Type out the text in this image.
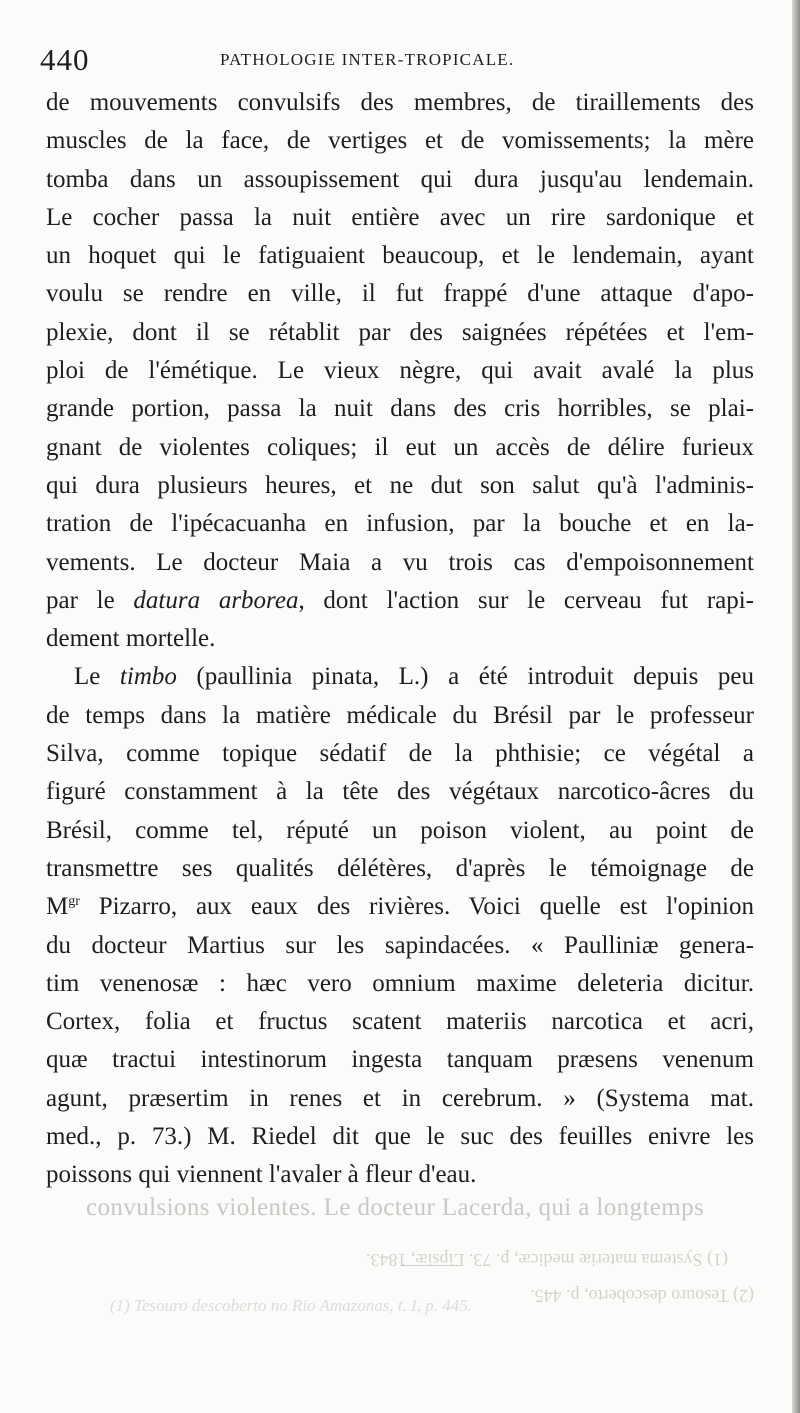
440	PATHOLOGIE INTER-TROPICALE.
de mouvements convulsifs des membres, de tiraillements des
muscles de la face, de vertiges et de vomissements; la mère
tomba dans un assoupissement qui dura jusqu'au lendemain.
Le cocher passa la nuit entière avec un rire sardonique et
un hoquet qui le fatiguaient beaucoup, et le lendemain, ayant
voulu se rendre en ville, il fut frappé d'une attaque d'apo-
plexie, dont il se rétablit par des saignées répétées et l'em-
ploi de l'émétique. Le vieux nègre, qui avait avalé la plus
grande portion, passa la nuit dans des cris horribles, se plai-
gnant de violentes coliques; il eut un accès de délire furieux
qui dura plusieurs heures, et ne dut son salut qu'à l'adminis-
tration de l'ipécacuanha en infusion, par la bouche et en la-
vements. Le docteur Maia a vu trois cas d'empoisonnement
par le datura arborea, dont l'action sur le cerveau fut rapi-
dement mortelle.
Le timbo (paullinia pinata, L.) a été introduit depuis peu
de temps dans la matière médicale du Brésil par le professeur
Silva, comme topique sédatif de la phthisie; ce végétal a
figuré constamment à la tête des végétaux narcotico-âcres du
Brésil, comme tel, réputé un poison violent, au point de
transmettre ses qualités délétères, d'après le témoignage de
$M^{gr}$ Pizarro, aux eaux des rivières. Voici quelle est l'opinion
du docteur Martius sur les sapindacées. « Paulliniæ genera-
tim venenosæ : hæc vero omnium maxime deleteria dicitur.
Cortex, folia et fructus scatent materiis narcotica et acri,
quæ tractui intestinorum ingesta tanquam præsens venenum
agunt, præsertim in renes et in cerebrum. » (Systema mat.
med., p. 73.) M. Riedel dit que le suc des feuilles enivre les
poissons qui viennent l'avaler à fleur d'eau.
convulsions violentes. Le docteur Lacerda, qui a longtemps
(1) Systema materiæ medicæ, p. 73. Lipsiæ, 1843.
(2) Tesouro descoberto, p. 445.
(1) Tesouro descoberto no Rio Amazonas, t. I, p. 445.
